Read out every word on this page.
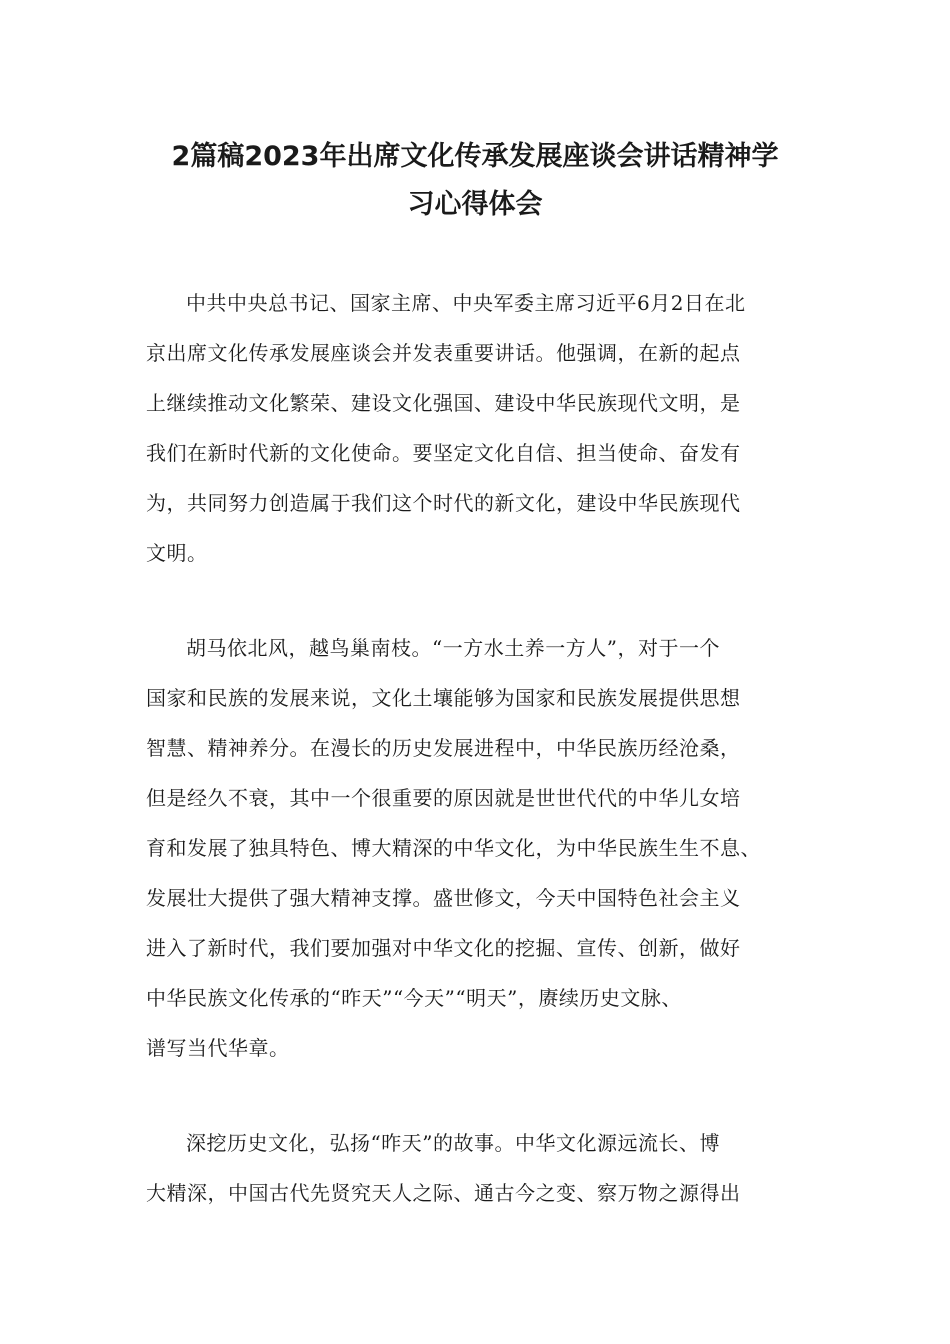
2篇稿2023年出席文化传承发展座谈会讲话精神学
习心得体会
中共中央总书记、国家主席、中央军委主席习近平6月2日在北
京出席文化传承发展座谈会并发表重要讲话。他强调，在新的起点
上继续推动文化繁荣、建设文化强国、建设中华民族现代文明，是
我们在新时代新的文化使命。要坚定文化自信、担当使命、奋发有
为，共同努力创造属于我们这个时代的新文化，建设中华民族现代
文明。
胡马依北风，越鸟巢南枝。“一方水土养一方人”，对于一个
国家和民族的发展来说，文化土壤能够为国家和民族发展提供思想
智慧、精神养分。在漫长的历史发展进程中，中华民族历经沧桑，
但是经久不衰，其中一个很重要的原因就是世世代代的中华儿女培
育和发展了独具特色、博大精深的中华文化，为中华民族生生不息、
发展壮大提供了强大精神支撑。盛世修文，今天中国特色社会主义
进入了新时代，我们要加强对中华文化的挖掘、宣传、创新，做好
中华民族文化传承的“昨天”“今天”“明天”，赓续历史文脉、
谱写当代华章。
深挖历史文化，弘扬“昨天”的故事。中华文化源远流长、博
大精深，中国古代先贤究天人之际、通古今之变、察万物之源得出
